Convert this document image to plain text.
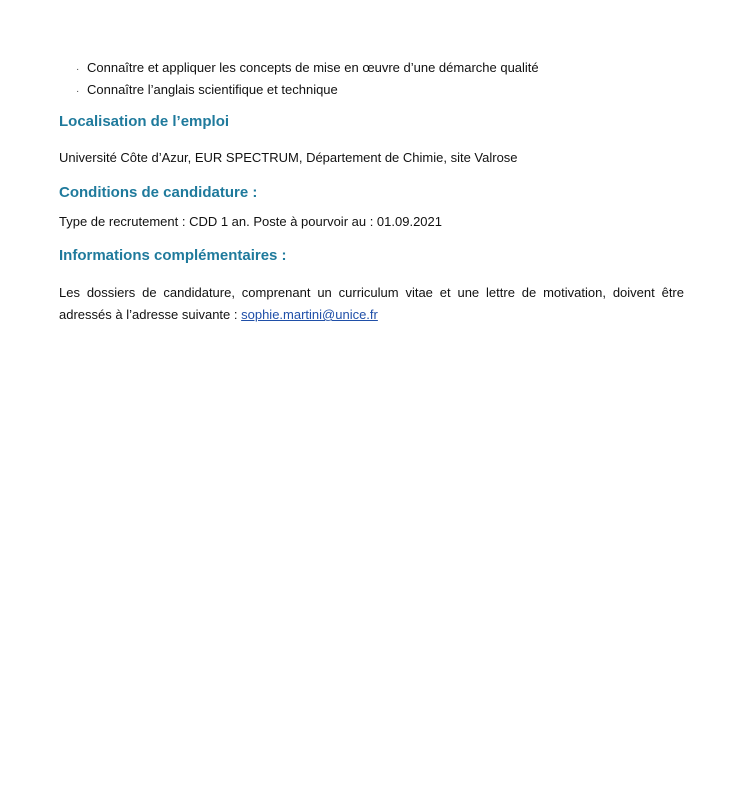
· Connaître et appliquer les concepts de mise en œuvre d’une démarche qualité
· Connaître l’anglais scientifique et technique
Localisation de l’emploi

Université Côte d’Azur, EUR SPECTRUM, Département de Chimie, site Valrose

Conditions de candidature :

Type de recrutement : CDD 1 an. Poste à pourvoir au : 01.09.2021

Informations complémentaires :

Les dossiers de candidature, comprenant un curriculum vitae et une lettre de motivation, doivent être adressés à l’adresse suivante : sophie.martini@unice.fr
